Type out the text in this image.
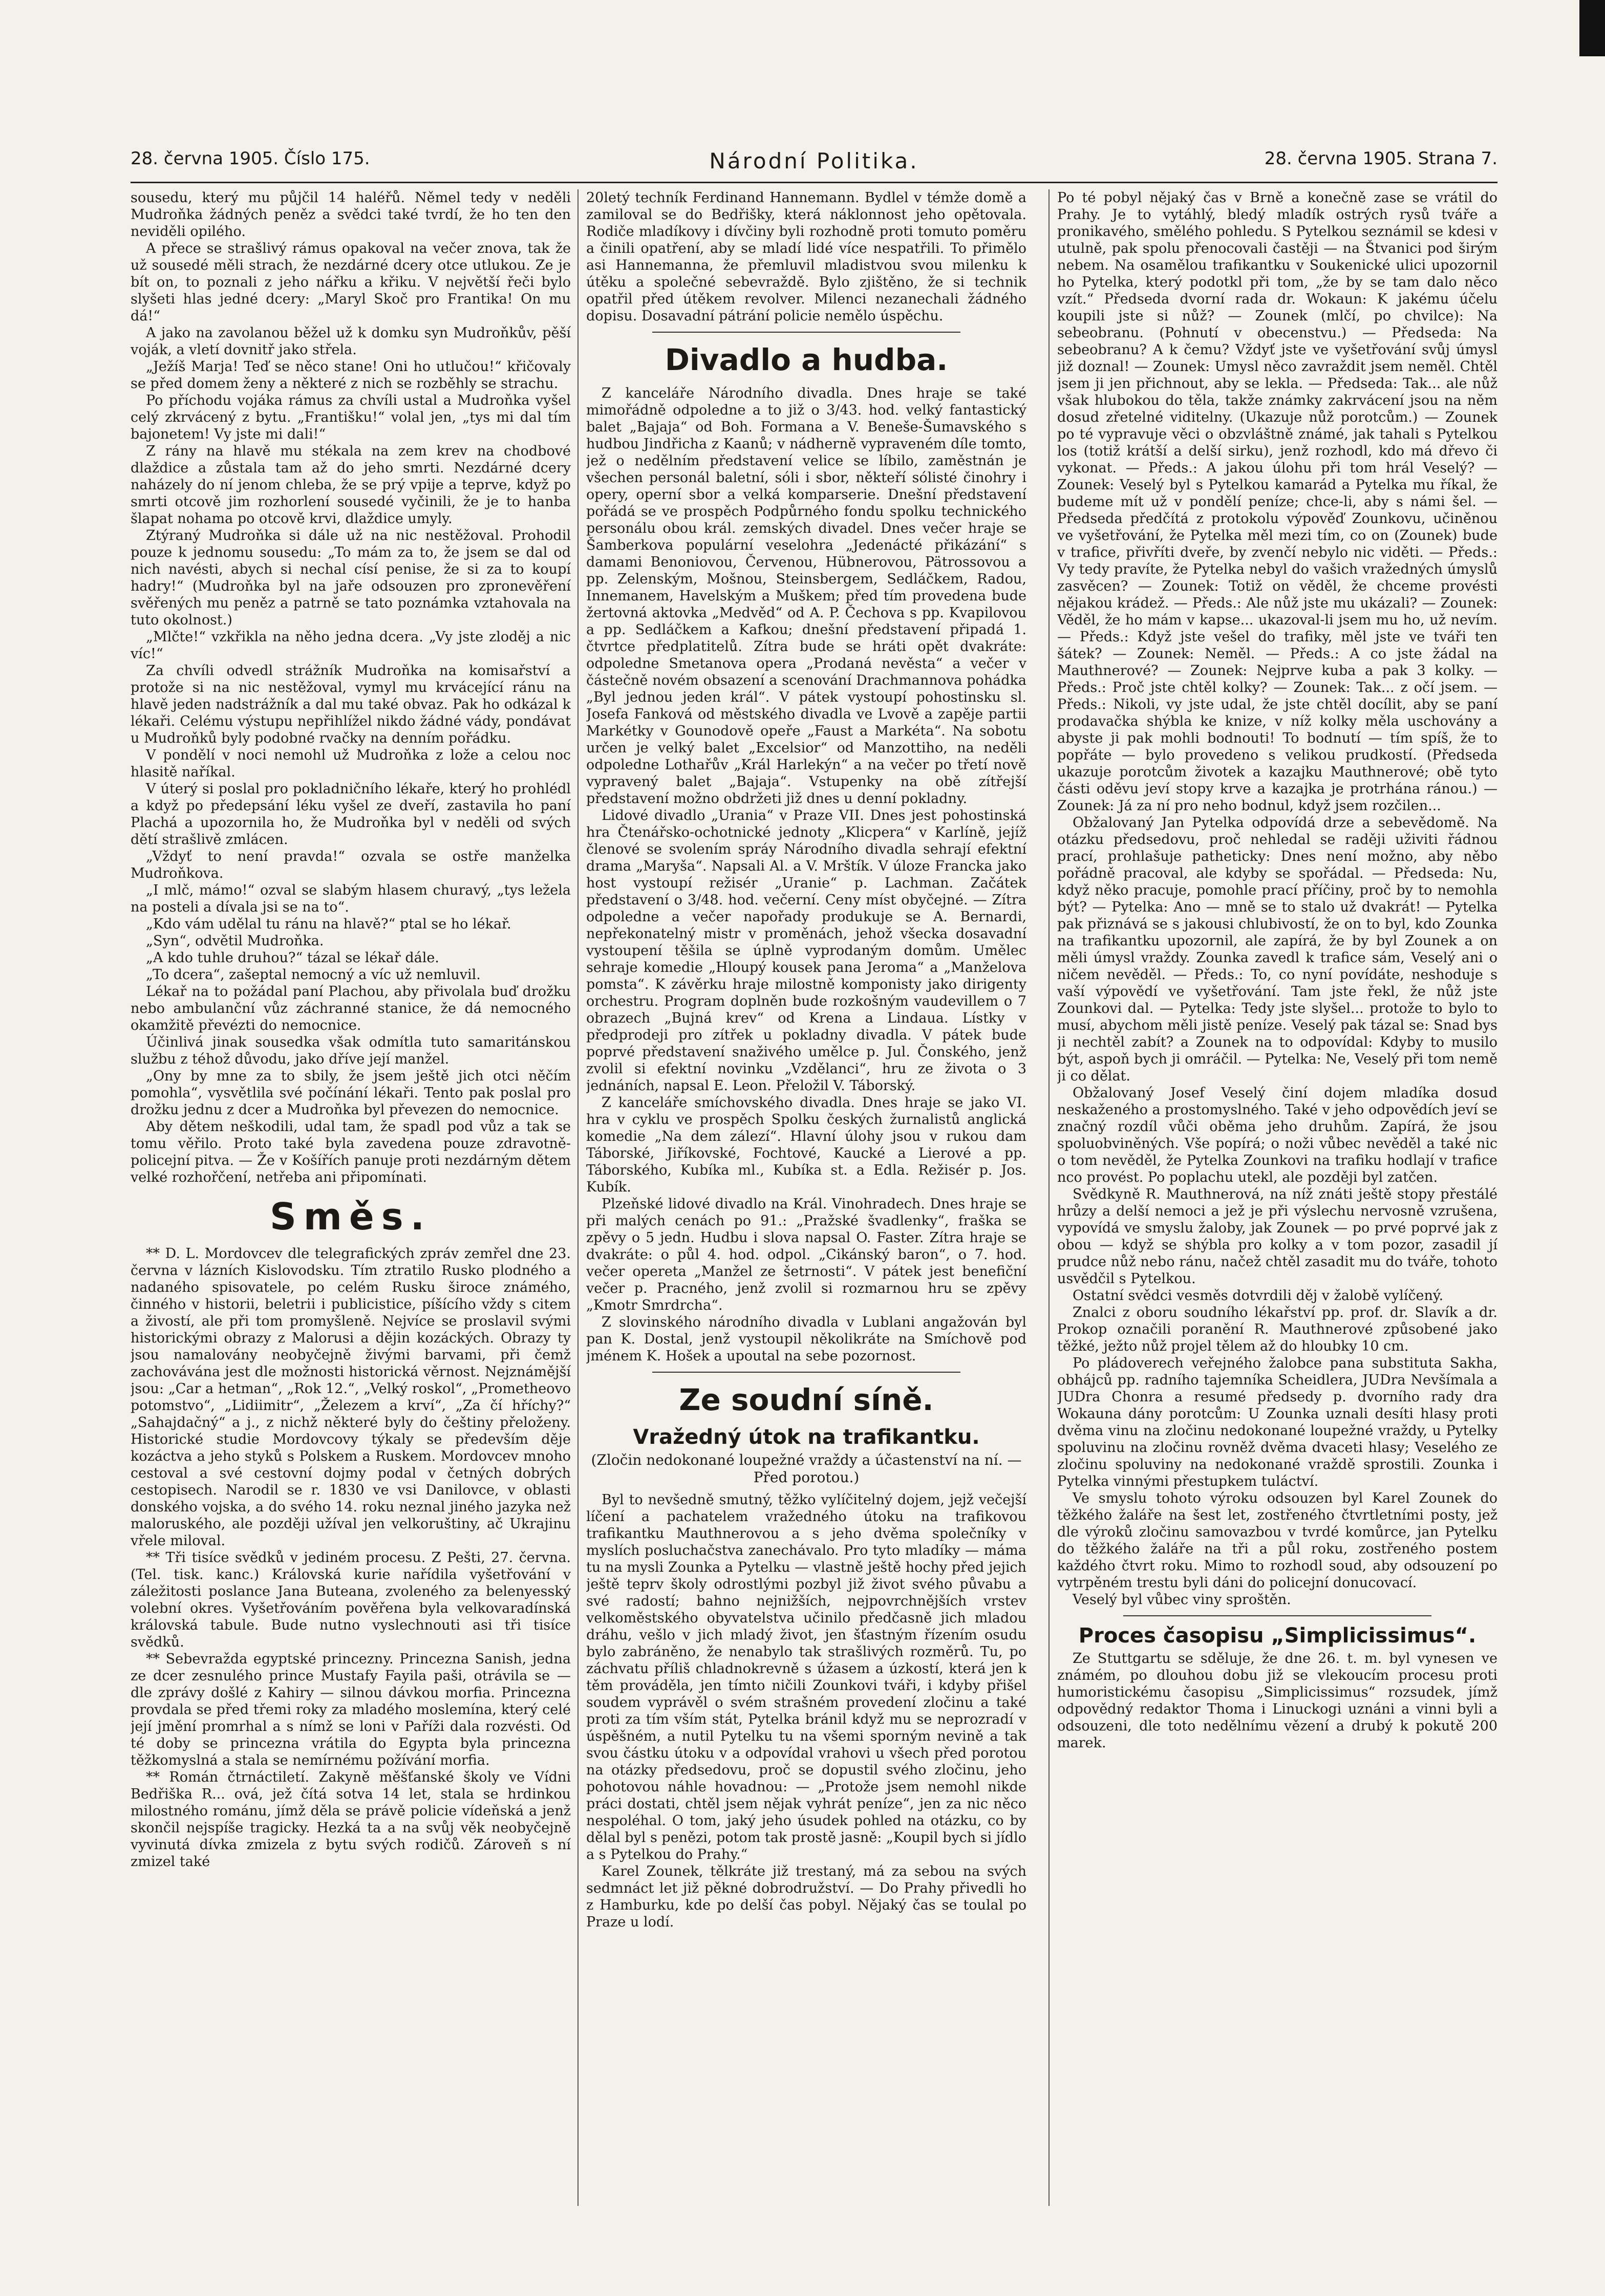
28. června 1905. Číslo 175.	Národní Politika.	28. června 1905. Strana 7.

sousedu, který mu půjčil 14 haléřů. Němel tedy v neděli Mudroňka žádných peněz a svědci také tvrdí, že ho ten den neviděli opilého.

A přece se strašlivý rámus opakoval na večer znova, tak že už sousedé měli strach, že nezdárné dcery otce utlukou. Ze je bít on, to poznali z jeho nářku a křiku. V největší řeči bylo slyšeti hlas jedné dcery: „Maryl Skoč pro Frantika! On mu dá!“

A jako na zavolanou běžel už k domku syn Mudroňkův, pěší voják, a vletí dovnitř jako střela.

„Ježíš Marja! Teď se něco stane! Oni ho utlučou!“ křičovaly se před domem ženy a některé z nich se rozběhly se strachu.

Po příchodu vojáka rámus za chvíli ustal a Mudroňka vyšel celý zkrvácený z bytu. „Františku!“ volal jen, „tys mi dal tím bajonetem! Vy jste mi dali!“

Z rány na hlavě mu stékala na zem krev na chodbové dlaždice a zůstala tam až do jeho smrti. Nezdárné dcery naházely do ní jenom chleba, že se prý vpije a teprve, když po smrti otcově jim rozhorlení sousedé vyčinili, že je to hanba šlapat nohama po otcově krvi, dlaždice umyly.

Ztýraný Mudroňka si dále už na nic nestěžoval. Prohodil pouze k jednomu sousedu: „To mám za to, že jsem se dal od nich navésti, abych si nechal císí penise, že si za to koupí hadry!“ (Mudroňka byl na jaře odsouzen pro zpronevěření svěřených mu peněz a patrně se tato poznámka vztahovala na tuto okolnost.)

„Mlčte!“ vzkřikla na něho jedna dcera. „Vy jste zloděj a nic víc!“

Za chvíli odvedl strážník Mudroňka na komisařství a protože si na nic nestěžoval, vymyl mu krvácející ránu na hlavě jeden nadstrážník a dal mu také obvaz. Pak ho odkázal k lékaři. Celému výstupu nepřihlížel nikdo žádné vády, pondávat u Mudroňků byly podobné rvačky na denním pořádku.

V pondělí v noci nemohl už Mudroňka z lože a celou noc hlasitě naříkal.

V úterý si poslal pro pokladničního lékaře, který ho prohlédl a když po předepsání léku vyšel ze dveří, zastavila ho paní Plachá a upozornila ho, že Mudroňka byl v neděli od svých dětí strašlivě zmlácen.

„Vždyť to není pravda!“ ozvala se ostře manželka Mudroňkova.

„I mlč, mámo!“ ozval se slabým hlasem churavý, „tys ležela na posteli a dívala jsi se na to“.

„Kdo vám udělal tu ránu na hlavě?“ ptal se ho lékař.

„Syn“, odvětil Mudroňka.

„A kdo tuhle druhou?“ tázal se lékař dále.

„To dcera“, zašeptal nemocný a víc už nemluvil.

Lékař na to požádal paní Plachou, aby přivolala buď drožku nebo ambulanční vůz záchranné stanice, že dá nemocného okamžitě převézti do nemocnice.

Účinlivá jinak sousedka však odmítla tuto samaritánskou službu z téhož důvodu, jako dříve její manžel.

„Ony by mne za to sbily, že jsem ještě jich otci něčím pomohla“, vysvětlila své počínání lékaři. Tento pak poslal pro drožku jednu z dcer a Mudroňka byl převezen do nemocnice.

Aby dětem neškodili, udal tam, že spadl pod vůz a tak se tomu věřilo. Proto také byla zavedena pouze zdravotně-policejní pitva. — Že v Košířích panuje proti nezdárným dětem velké rozhořčení, netřeba ani připomínati.

Směs.

** D. L. Mordovcev dle telegrafických zpráv zemřel dne 23. června v lázních Kislovodsku. Tím ztratilo Rusko plodného a nadaného spisovatele, po celém Rusku široce známého, činného v historii, beletrii i publicistice, píšícího vždy s citem a živostí, ale při tom promyšleně. Nejvíce se proslavil svými historickými obrazy z Malorusi a dějin kozáckých. Obrazy ty jsou namalovány neobyčejně živými barvami, při čemž zachovávána jest dle možnosti historická věrnost. Nejznámější jsou: „Car a hetman“, „Rok 12.“, „Velký roskol“, „Prometheovo potomstvo“, „Lidiimitr“, „Železem a krví“, „Za čí hříchy?“ „Sahajdačný“ a j., z nichž některé byly do češtiny přeloženy. Historické studie Mordovcovy týkaly se především děje kozáctva a jeho styků s Polskem a Ruskem. Mordovcev mnoho cestoval a své cestovní dojmy podal v četných dobrých cestopisech. Narodil se r. 1830 ve vsi Danilovce, v oblasti donského vojska, a do svého 14. roku neznal jiného jazyka než maloruského, ale později užíval jen velkoruštiny, ač Ukrajinu vřele miloval.

** Tři tisíce svědků v jediném procesu. Z Pešti, 27. června. (Tel. tisk. kanc.) Královská kurie nařídila vyšetřování v záležitosti poslance Jana Buteana, zvoleného za belenyesský volební okres. Vyšetřováním pověřena byla velkovaradínská královská tabule. Bude nutno vyslechnouti asi tři tisíce svědků.

** Sebevražda egyptské princezny. Princezna Sanish, jedna ze dcer zesnulého prince Mustafy Fayila paši, otrávila se — dle zprávy došlé z Kahiry — silnou dávkou morfia. Princezna provdala se před třemi roky za mladého moslemína, který celé její jmění promrhal a s nímž se loni v Paříži dala rozvésti. Od té doby se princezna vrátila do Egypta byla princezna těžkomyslná a stala se nemírnému požívání morfia.

** Román čtrnáctiletí. Zakyně měšťanské školy ve Vídni Bedřiška R... ová, jež čítá sotva 14 let, stala se hrdinkou milostného románu, jímž děla se právě policie vídeňská a jenž skončil nejspíše tragicky. Hezká ta a na svůj věk neobyčejně vyvinutá dívka zmizela z bytu svých rodičů. Zároveň s ní zmizel také

20letý techník Ferdinand Hannemann. Bydlel v témže domě a zamiloval se do Bedřišky, která náklonnost jeho opětovala. Rodiče mladíkovy i dívčiny byli rozhodně proti tomuto poměru a činili opatření, aby se mladí lidé více nespatřili. To přimělo asi Hannemanna, že přemluvil mladistvou svou milenku k útěku a společné sebevraždě. Bylo zjištěno, že si technik opatřil před útěkem revolver. Milenci nezanechali žádného dopisu. Dosavadní pátrání policie nemělo úspěchu.

Divadlo a hudba.

Z kanceláře Národního divadla. Dnes hraje se také mimořádně odpoledne a to již o 3/43. hod. velký fantastický balet „Bajaja“ od Boh. Formana a V. Beneše-Šumavského s hudbou Jindřicha z Kaanů; v nádherně vypraveném díle tomto, jež o nedělním představení velice se líbilo, zaměstnán je všechen personál baletní, sóli i sbor, někteří sólisté činohry i opery, operní sbor a velká komparserie. Dnešní představení pořádá se ve prospěch Podpůrného fondu spolku technického personálu obou král. zemských divadel. Dnes večer hraje se Šamberkova populární veselohra „Jedenácté přikázání“ s damami Benoniovou, Červenou, Hübnerovou, Pätrossovou a pp. Zelenským, Mošnou, Steinsbergem, Sedláčkem, Radou, Innemanem, Havelským a Muškem; před tím provedena bude žertovná aktovka „Medvěd“ od A. P. Čechova s pp. Kvapilovou a pp. Sedláčkem a Kafkou; dnešní představení připadá 1. čtvrtce předplatitelů. Zítra bude se hráti opět dvakráte: odpoledne Smetanova opera „Prodaná nevěsta“ a večer v částečně novém obsazení a scenování Drachmannova pohádka „Byl jednou jeden král“. V pátek vystoupí pohostinsku sl. Josefa Fanková od městského divadla ve Lvově a zapěje partii Markétky v Gounodově opeře „Faust a Markéta“. Na sobotu určen je velký balet „Excelsior“ od Manzottiho, na neděli odpoledne Lothařův „Král Harlekýn“ a na večer po třetí nově vypravený balet „Bajaja“. Vstupenky na obě zítřejší představení možno obdržeti již dnes u denní pokladny.

Lidové divadlo „Urania“ v Praze VII. Dnes jest pohostinská hra Čtenářsko-ochotnické jednoty „Klicpera“ v Karlíně, jejíž členové se svolením spráy Národního divadla sehrají efektní drama „Maryša“. Napsali Al. a V. Mrštík. V úloze Francka jako host vystoupí režisér „Uranie“ p. Lachman. Začátek představení o 3/48. hod. večerní. Ceny míst obyčejné. — Zítra odpoledne a večer napořady produkuje se A. Bernardi, nepřekonatelný mistr v proměnách, jehož všecka dosavadní vystoupení těšila se úplně vyprodaným domům. Umělec sehraje komedie „Hloupý kousek pana Jeroma“ a „Manželova pomsta“. K závěrku hraje milostně komponisty jako dirigenty orchestru. Program doplněn bude rozkošným vaudevillem o 7 obrazech „Bujná krev“ od Krena a Lindaua. Lístky v předprodeji pro zítřek u pokladny divadla. V pátek bude poprvé představení snaživého umělce p. Jul. Čonského, jenž zvolil si efektní novinku „Vzdělanci“, hru ze života o 3 jednáních, napsal E. Leon. Přeložil V. Táborský.

Z kanceláře smíchovského divadla. Dnes hraje se jako VI. hra v cyklu ve prospěch Spolku českých žurnalistů anglická komedie „Na dem zálezí“. Hlavní úlohy jsou v rukou dam Táborské, Jiříkovské, Fochtové, Kaucké a Lierové a pp. Táborského, Kubíka ml., Kubíka st. a Edla. Režisér p. Jos. Kubík.

Plzeňské lidové divadlo na Král. Vinohradech. Dnes hraje se při malých cenách po 91.: „Pražské švadlenky“, fraška se zpěvy o 5 jedn. Hudbu i slova napsal O. Faster. Zítra hraje se dvakráte: o půl 4. hod. odpol. „Cikánský baron“, o 7. hod. večer opereta „Manžel ze šetrnosti“. V pátek jest benefiční večer p. Pracného, jenž zvolil si rozmarnou hru se zpěvy „Kmotr Smrdrcha“.

Z slovinského národního divadla v Lublani angažován byl pan K. Dostal, jenž vystoupil několikráte na Smíchově pod jménem K. Hošek a upoutal na sebe pozornost.

Ze soudní síně.
Vražedný útok na trafikantku.
(Zločin nedokonané loupežné vraždy a účastenství na ní. — Před porotou.)

Byl to nevšedně smutný, těžko vylíčitelný dojem, jejž večejší líčení a pachatelem vražedného útoku na trafikovou trafikantku Mauthnerovou a s jeho dvěma společníky v myslích posluchačstva zanechávalo. Pro tyto mladíky — máma tu na mysli Zounka a Pytelku — vlastně ještě hochy před jejich ještě teprv školy odrostlými pozbyl již život svého půvabu a své radostí; bahno nejnižších, nejpovrchnějších vrstev velkoměstského obyvatelstva učinilo předčasně jich mladou dráhu, vešlo v jich mladý život, jen šťastným řízením osudu bylo zabráněno, že nenabylo tak strašlivých rozměrů. Tu, po záchvatu příliš chladnokrevně s úžasem a úzkostí, která jen k těm prováděla, jen tímto ničili Zounkovi tváři, i kdyby přišel soudem vyprávěl o svém strašném provedení zločinu a také proti za tím vším stát, Pytelka bránil když mu se neprozradí v úspěšném, a nutil Pytelku tu na všemi sporným nevině a tak svou částku útoku v a odpovídal vrahovi u všech před porotou na otázky předsedovu, proč se dopustil svého zločinu, jeho pohotovou náhle hovadnou: — „Protože jsem nemohl nikde práci dostati, chtěl jsem nějak vyhrát peníze“, jen za nic něco nespoléhal. O tom, jaký jeho úsudek pohled na otázku, co by dělal byl s penězi, potom tak prostě jasně: „Koupil bych si jídlo a s Pytelkou do Prahy.“

Karel Zounek, tělkráte již trestaný, má za sebou na svých sedmnáct let již pěkné dobrodružství. — Do Prahy přivedli ho z Hamburku, kde po delší čas pobyl. Nějaký čas se toulal po Praze u lodí.

Po té pobyl nějaký čas v Brně a konečně zase se vrátil do Prahy. Je to vytáhlý, bledý mladík ostrých rysů tváře a pronikavého, smělého pohledu. S Pytelkou seznámil se kdesi v utulně, pak spolu přenocovali častěji — na Štvanici pod širým nebem. Na osamělou trafikantku v Soukenické ulici upozornil ho Pytelka, který podotkl při tom, „že by se tam dalo něco vzít.“ Předseda dvorní rada dr. Wokaun: K jakému účelu koupili jste si nůž? — Zounek (mlčí, po chvilce): Na sebeobranu. (Pohnutí v obecenstvu.) — Předseda: Na sebeobranu? A k čemu? Vždyť jste ve vyšetřování svůj úmysl již doznal! — Zounek: Umysl něco zavraždit jsem neměl. Chtěl jsem ji jen přichnout, aby se lekla. — Předseda: Tak... ale nůž však hlubokou do těla, takže známky zakrvácení jsou na něm dosud zřetelné viditelny. (Ukazuje nůž porotcům.) — Zounek po té vypravuje věci o obzvláštně známé, jak tahali s Pytelkou los (totiž krátší a delší sirku), jenž rozhodl, kdo má dřevo či vykonat. — Předs.: A jakou úlohu při tom hrál Veselý? — Zounek: Veselý byl s Pytelkou kamarád a Pytelka mu říkal, že budeme mít už v pondělí peníze; chce-li, aby s námi šel. — Předseda předčítá z protokolu výpověď Zounkovu, učiněnou ve vyšetřování, že Pytelka měl mezi tím, co on (Zounek) bude v trafice, přivříti dveře, by zvenčí nebylo nic viděti. — Předs.: Vy tedy pravíte, že Pytelka nebyl do vašich vražedných úmyslů zasvěcen? — Zounek: Totiž on věděl, že chceme provésti nějakou krádež. — Předs.: Ale nůž jste mu ukázali? — Zounek: Věděl, že ho mám v kapse... ukazoval-li jsem mu ho, už nevím. — Předs.: Když jste vešel do trafiky, měl jste ve tváři ten šátek? — Zounek: Neměl. — Předs.: A co jste žádal na Mauthnerové? — Zounek: Nejprve kuba a pak 3 kolky. — Předs.: Proč jste chtěl kolky? — Zounek: Tak... z očí jsem. — Předs.: Nikoli, vy jste udal, že jste chtěl docílit, aby se paní prodavačka shýbla ke knize, v níž kolky měla uschovány a abyste ji pak mohli bodnouti! To bodnutí — tím spíš, že to popřáte — bylo provedeno s velikou prudkostí. (Předseda ukazuje porotcům životek a kazajku Mauthnerové; obě tyto části oděvu jeví stopy krve a kazajka je protrhána ránou.) — Zounek: Já za ní pro neho bodnul, když jsem rozčilen...

Obžalovaný Jan Pytelka odpovídá drze a sebevědomě. Na otázku předsedovu, proč nehledal se raději uživiti řádnou prací, prohlašuje patheticky: Dnes není možno, aby něbo pořádně pracoval, ale kdyby se spořádal. — Předseda: Nu, když něko pracuje, pomohle prací příčiny, proč by to nemohla být? — Pytelka: Ano — mně se to stalo už dvakrát! — Pytelka pak přiznává se s jakousi chlubivostí, že on to byl, kdo Zounka na trafikantku upozornil, ale zapírá, že by byl Zounek a on měli úmysl vraždy. Zounka zavedl k trafice sám, Veselý ani o ničem nevěděl. — Předs.: To, co nyní povídáte, neshoduje s vaší výpovědí ve vyšetřování. Tam jste řekl, že nůž jste Zounkovi dal. — Pytelka: Tedy jste slyšel... protože to bylo to musí, abychom měli jistě peníze. Veselý pak tázal se: Snad bys ji nechtěl zabít? a Zounek na to odpovídal: Kdyby to musilo být, aspoň bych ji omráčil. — Pytelka: Ne, Veselý při tom nemě ji co dělat.

Obžalovaný Josef Veselý činí dojem mladíka dosud neskaženého a prostomyslného. Také v jeho odpovědích jeví se značný rozdíl vůči oběma jeho druhům. Zapírá, že jsou spoluobviněných. Vše popírá; o noži vůbec nevěděl a také nic o tom nevěděl, že Pytelka Zounkovi na trafiku hodlají v trafice nco provést. Po poplachu utekl, ale později byl zatčen.

Svědkyně R. Mauthnerová, na níž znáti ještě stopy přestálé hrůzy a delší nemoci a jež je při výslechu nervosně vzrušena, vypovídá ve smyslu žaloby, jak Zounek — po prvé poprvé jak z obou — když se shýbla pro kolky a v tom pozor, zasadil jí prudce nůž nebo ránu, načež chtěl zasadit mu do tváře, tohoto usvědčil s Pytelkou.

Ostatní svědci vesměs dotvrdili děj v žalobě vylíčený.

Znalci z oboru soudního lékařství pp. prof. dr. Slavík a dr. Prokop označili poranění R. Mauthnerové způsobené jako těžké, ježto nůž projel tělem až do hloubky 10 cm.

Po pládoverech veřejného žalobce pana substituta Sakha, obhájců pp. radního tajemníka Scheidlera, JUDra Nevšímala a JUDra Chonra a resumé předsedy p. dvorního rady dra Wokauna dány porotcům: U Zounka uznali desíti hlasy proti dvěma vinu na zločinu nedokonané loupežné vraždy, u Pytelky spoluvinu na zločinu rovněž dvěma dvaceti hlasy; Veselého ze zločinu spoluviny na nedokonané vraždě sprostili. Zounka i Pytelka vinnými přestupkem tuláctví.

Ve smyslu tohoto výroku odsouzen byl Karel Zounek do těžkého žaláře na šest let, zostřeného čtvrtletními posty, jež dle výroků zločinu samovazbou v tvrdé komůrce, jan Pytelku do těžkého žaláře na tři a půl roku, zostřeného postem každého čtvrt roku. Mimo to rozhodl soud, aby odsouzení po vytrpěném trestu byli dáni do policejní donucovací.

Veselý byl vůbec viny sproštěn.

Proces časopisu „Simplicissimus“.

Ze Stuttgartu se sděluje, že dne 26. t. m. byl vynesen ve známém, po dlouhou dobu již se vlekoucím procesu proti humoristickému časopisu „Simplicissimus“ rozsudek, jímž odpovědný redaktor Thoma i Linuckogi uznáni a vinni byli a odsouzeni, dle toto nedělnímu vězení a drubý k pokutě 200 marek.
